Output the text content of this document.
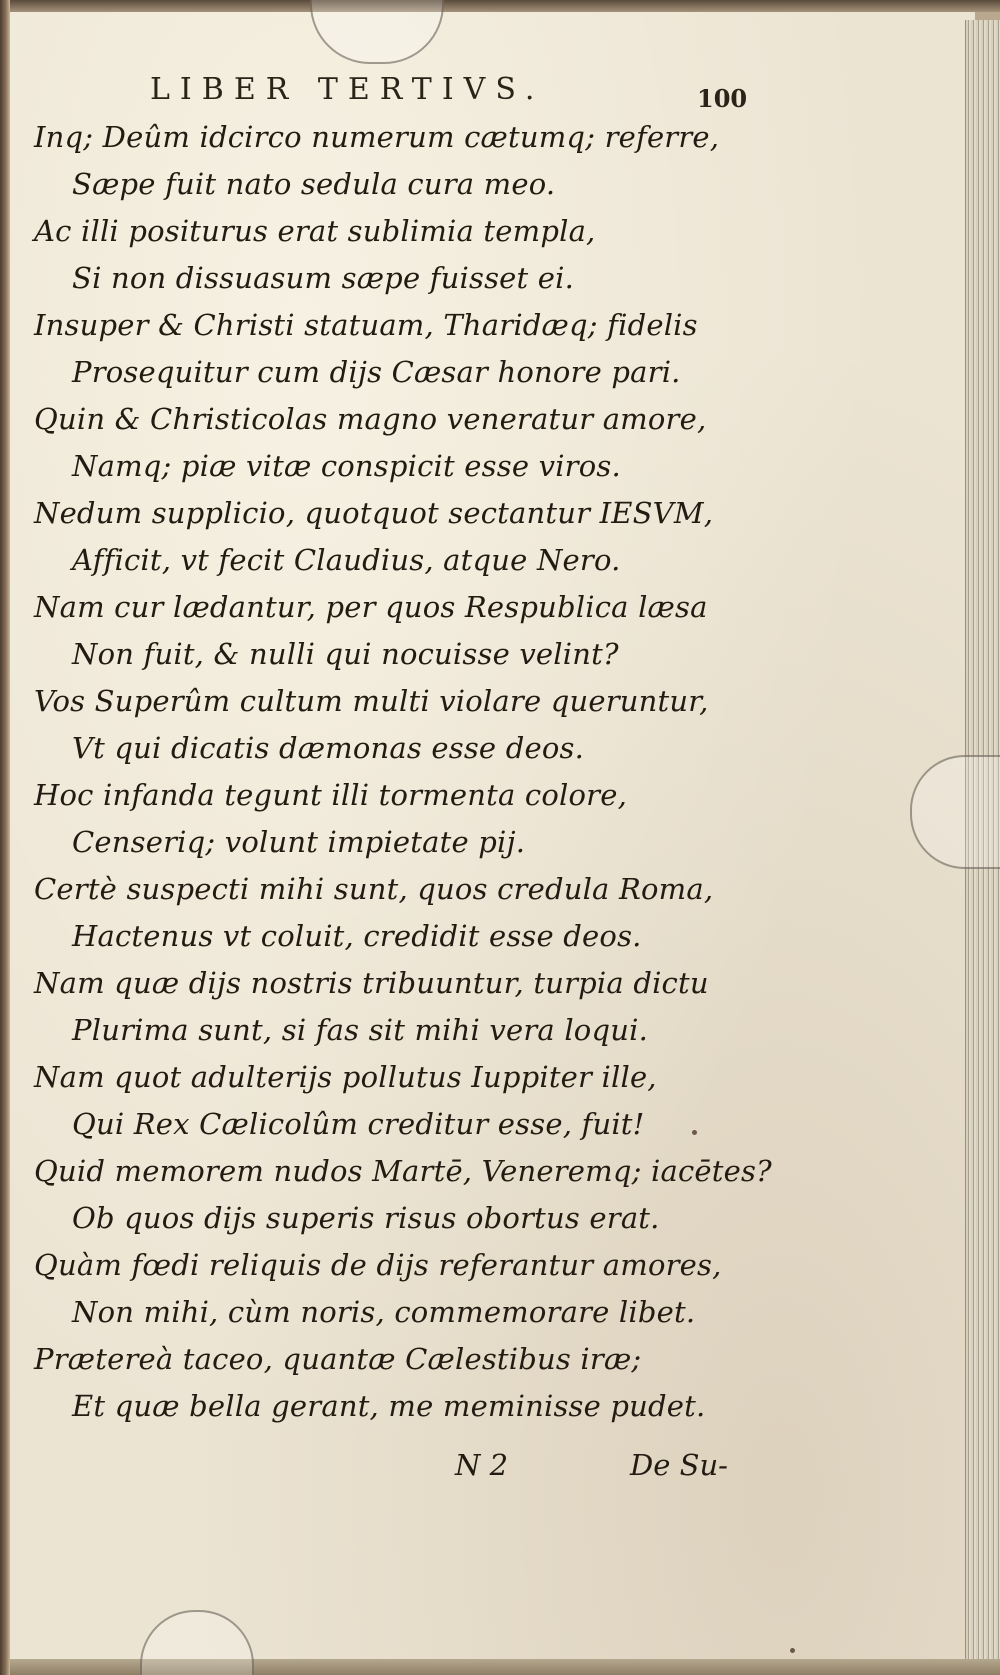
LIBER TERTIVS.	100
Inq; Deûm idcirco numerum cætumq; referre,
Sæpe fuit nato sedula cura meo.
Ac illi positurus erat sublimia templa,
Si non dissuasum sæpe fuisset ei.
Insuper & Christi statuam, Tharidæq; fidelis
Prosequitur cum dijs Cæsar honore pari.
Quin & Christicolas magno veneratur amore,
Namq; piæ vitæ conspicit esse viros.
Nedum supplicio, quotquot sectantur IESVM,
Afficit, vt fecit Claudius, atque Nero.
Nam cur lædantur, per quos Respublica læsa
Non fuit, & nulli qui nocuisse velint?
Vos Superûm cultum multi violare queruntur,
Vt qui dicatis dæmonas esse deos.
Hoc infanda tegunt illi tormenta colore,
Censeriq; volunt impietate pij.
Certè suspecti mihi sunt, quos credula Roma,
Hactenus vt coluit, credidit esse deos.
Nam quæ dijs nostris tribuuntur, turpia dictu
Plurima sunt, si fas sit mihi vera loqui.
Nam quot adulterijs pollutus Iuppiter ille,
Qui Rex Cælicolûm creditur esse, fuit!
Quid memorem nudos Martē, Veneremq; iacētes?
Ob quos dijs superis risus obortus erat.
Quàm fœdi reliquis de dijs referantur amores,
Non mihi, cùm noris, commemorare libet.
Prætereà taceo, quantæ Cælestibus iræ;
Et quæ bella gerant, me meminisse pudet.
N 2	De Su-
